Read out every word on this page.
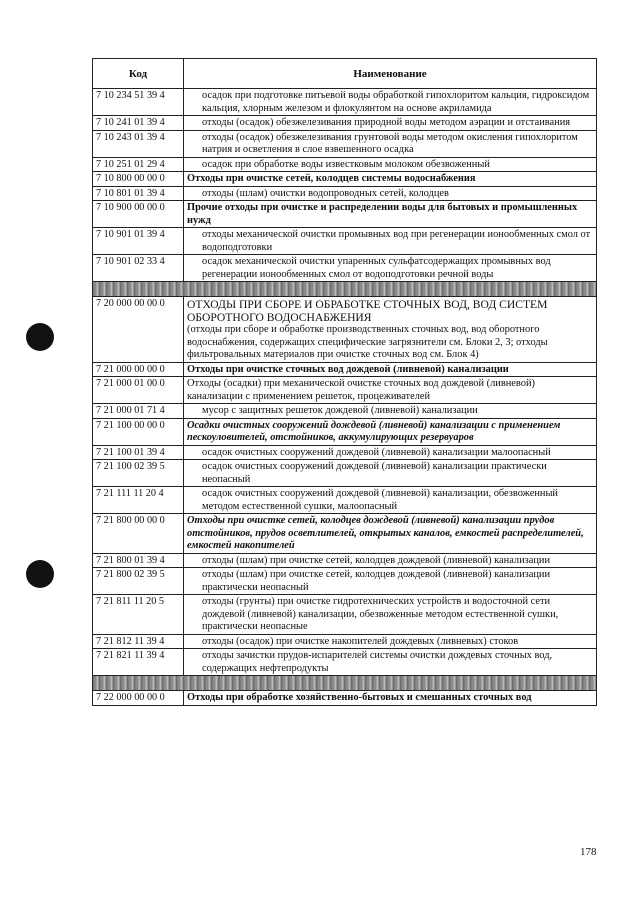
Код	Наименование
7 10 234 51 39 4	осадок при подготовке питьевой воды обработкой гипохлоритом кальция, гидроксидом кальция, хлорным железом и флокулянтом на основе акриламида

7 10 241 01 39 4	отходы (осадок) обезжелезивания природной воды методом аэрации и отстаивания

7 10 243 01 39 4	отходы (осадок) обезжелезивания грунтовой воды методом окисления гипохлоритом натрия и осветления в слое взвешенного осадка

7 10 251 01 29 4	осадок при обработке воды известковым молоком обезвоженный

7 10 800 00 00 0	Отходы при очистке сетей, колодцев системы водоснабжения

7 10 801 01 39 4	отходы (шлам) очистки водопроводных сетей, колодцев

7 10 900 00 00 0	Прочие отходы при очистке и распределении воды для бытовых и промышленных нужд

7 10 901 01 39 4	отходы механической очистки промывных вод при регенерации ионообменных смол от водоподготовки

7 10 901 02 33 4	осадок механической очистки упаренных сульфатсодержащих промывных вод регенерации ионообменных смол от водоподготовки речной воды

7 20 000 00 00 0	ОТХОДЫ ПРИ СБОРЕ И ОБРАБОТКЕ СТОЧНЫХ ВОД, ВОД СИСТЕМ ОБОРОТНОГО ВОДОСНАБЖЕНИЯ
(отходы при сборе и обработке производственных сточных вод, вод оборотного водоснабжения, содержащих специфические загрязнители см. Блоки 2, 3; отходы фильтровальных материалов при очистке сточных вод см. Блок 4)

7 21 000 00 00 0	Отходы при очистке сточных вод дождевой (ливневой) канализации

7 21 000 01 00 0	Отходы (осадки) при механической очистке сточных вод дождевой (ливневой) канализации с применением решеток, процеживателей

7 21 000 01 71 4	мусор с защитных решеток дождевой (ливневой) канализации

7 21 100 00 00 0	Осадки очистных сооружений дождевой (ливневой) канализации с применением пескоуловителей, отстойников, аккумулирующих резервуаров

7 21 100 01 39 4	осадок очистных сооружений дождевой (ливневой) канализации малоопасный

7 21 100 02 39 5	осадок очистных сооружений дождевой (ливневой) канализации практически неопасный

7 21 111 11 20 4	осадок очистных сооружений дождевой (ливневой) канализации, обезвоженный методом естественной сушки, малоопасный

7 21 800 00 00 0	Отходы при очистке сетей, колодцев дождевой (ливневой) канализации прудов отстойников, прудов осветлителей, открытых каналов, емкостей распределителей, емкостей накопителей

7 21 800 01 39 4	отходы (шлам) при очистке сетей, колодцев дождевой (ливневой) канализации

7 21 800 02 39 5	отходы (шлам) при очистке сетей, колодцев дождевой (ливневой) канализации практически неопасный

7 21 811 11 20 5	отходы (грунты) при очистке гидротехнических устройств и водосточной сети дождевой (ливневой) канализации, обезвоженные методом естественной сушки, практически неопасные

7 21 812 11 39 4	отходы (осадок) при очистке накопителей дождевых (ливневых) стоков

7 21 821 11 39 4	отходы зачистки прудов-испарителей системы очистки дождевых сточных вод, содержащих нефтепродукты

7 22 000 00 00 0	Отходы при обработке хозяйственно-бытовых и смешанных сточных вод
178
